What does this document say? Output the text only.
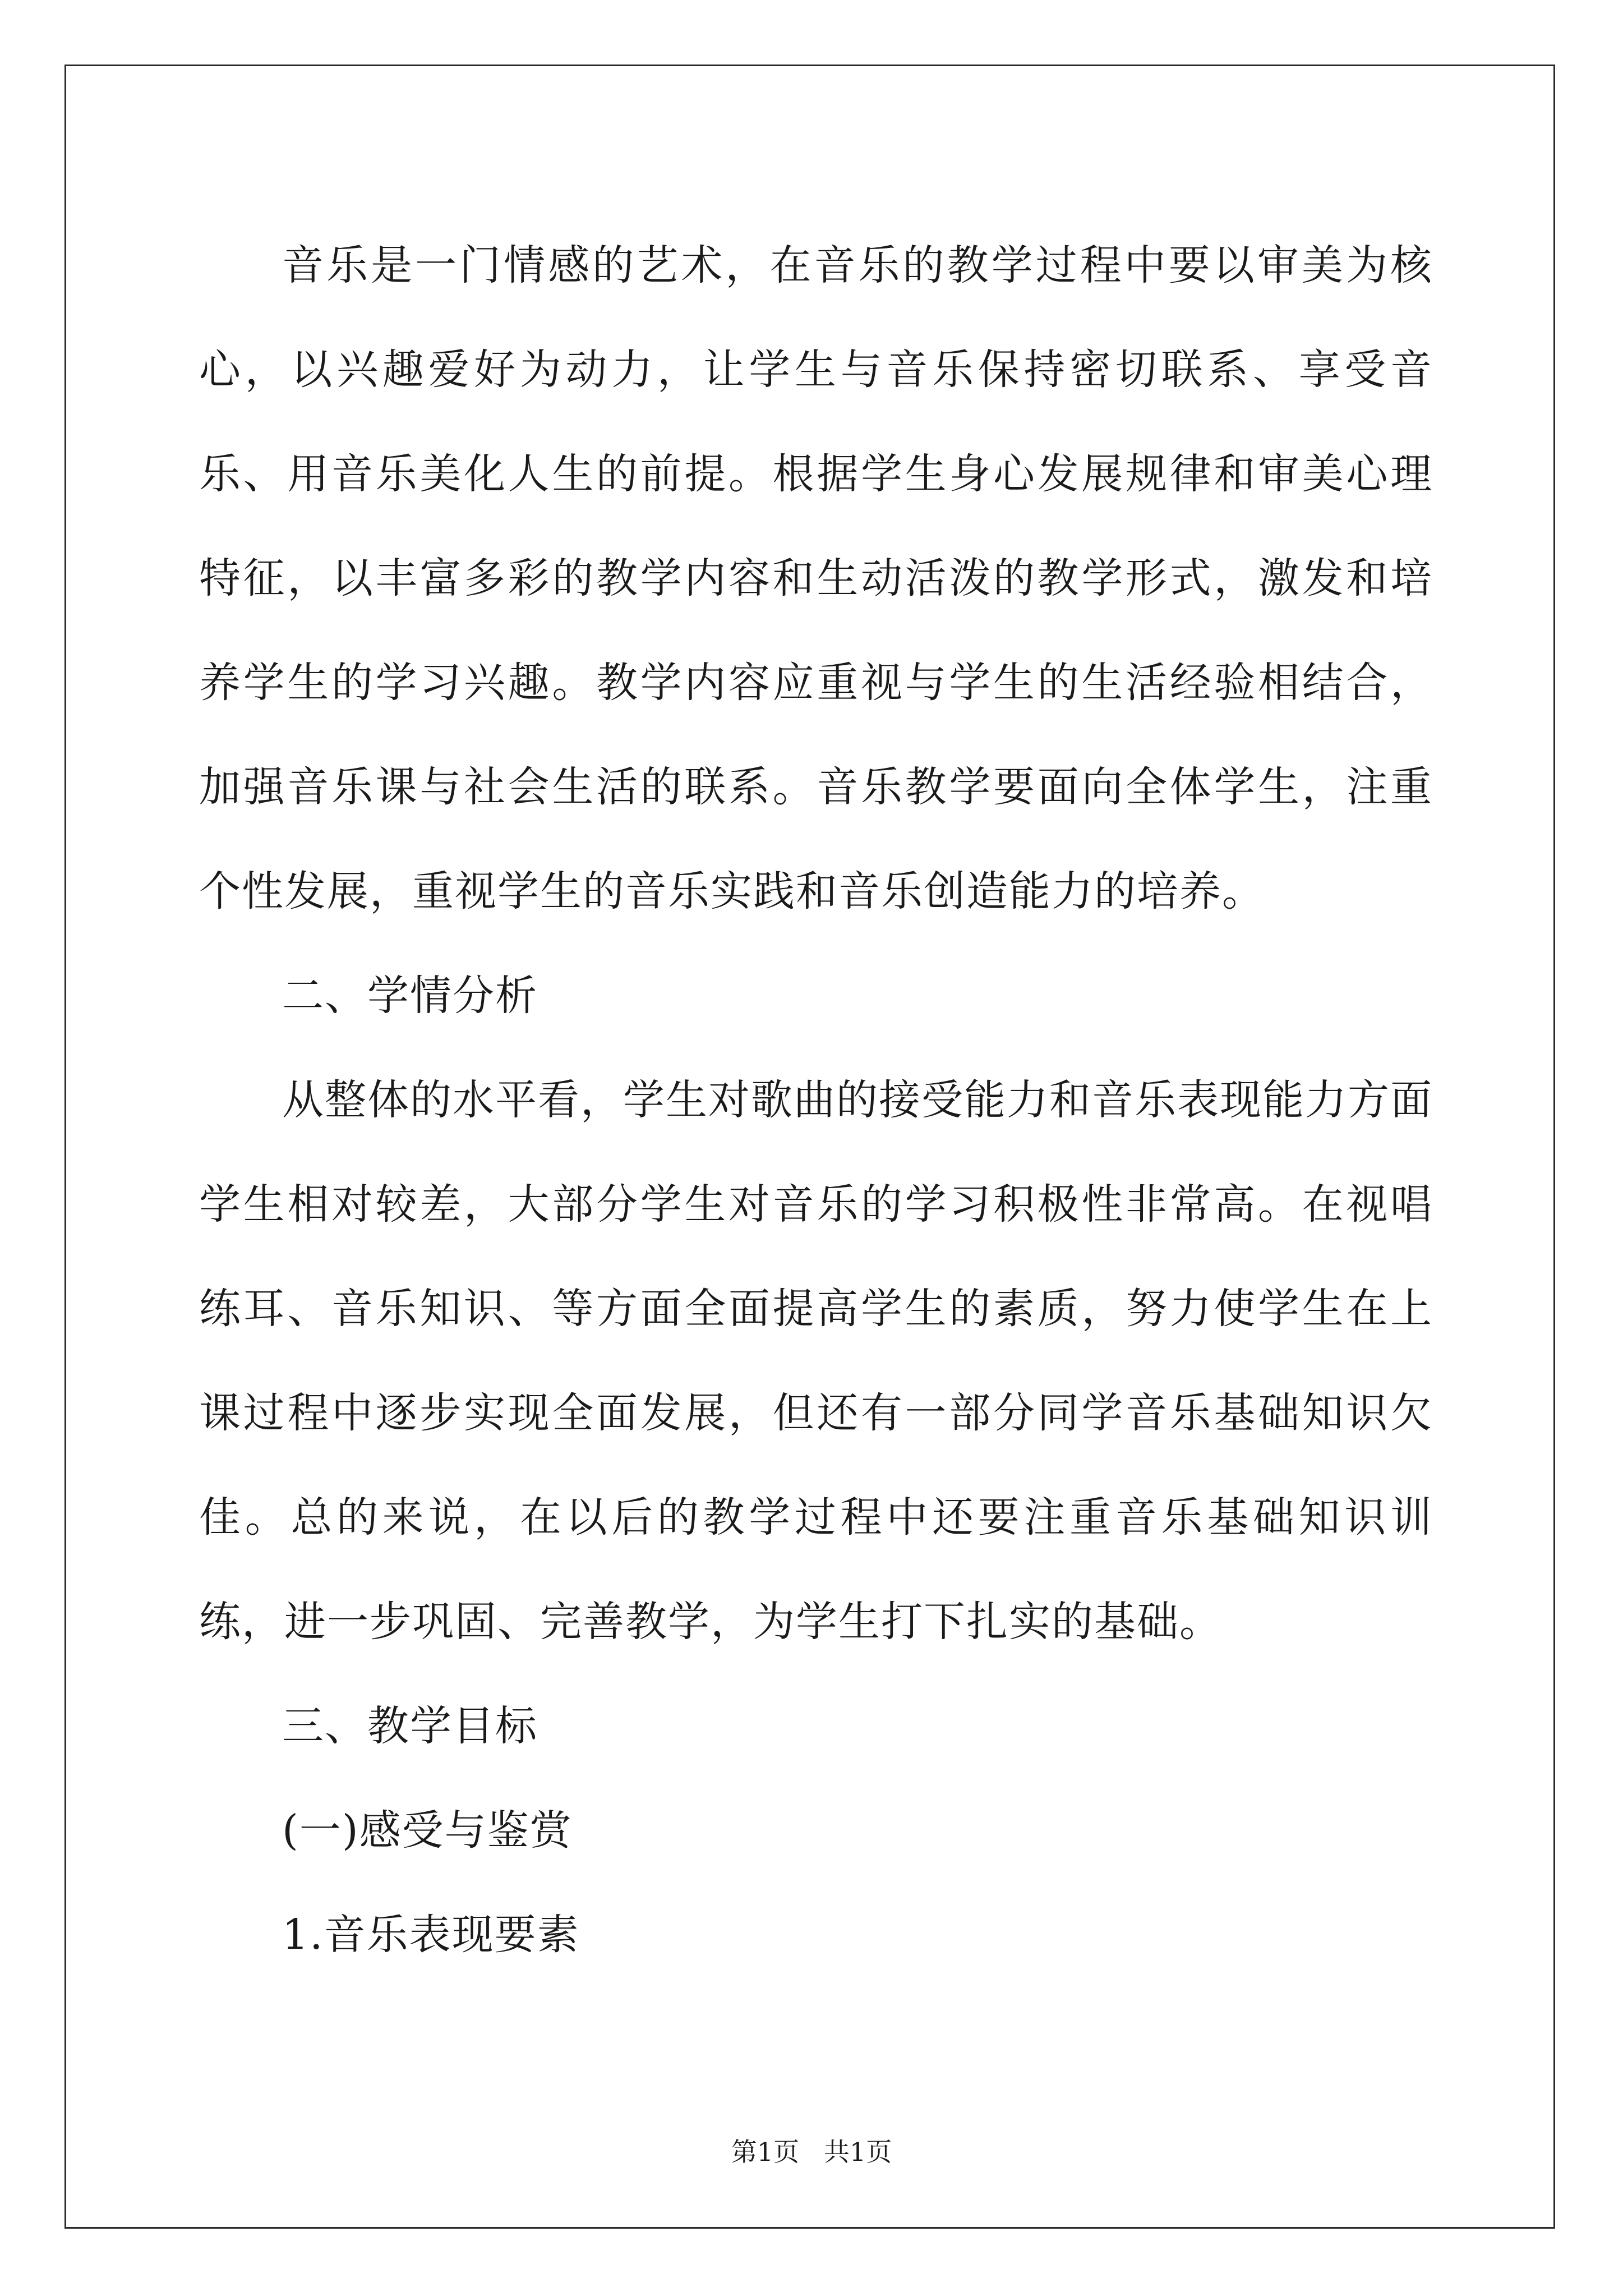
音乐是一门情感的艺术，在音乐的教学过程中要以审美为核心，以兴趣爱好为动力，让学生与音乐保持密切联系、享受音乐、用音乐美化人生的前提。根据学生身心发展规律和审美心理特征，以丰富多彩的教学内容和生动活泼的教学形式，激发和培养学生的学习兴趣。教学内容应重视与学生的生活经验相结合，加强音乐课与社会生活的联系。音乐教学要面向全体学生，注重个性发展，重视学生的音乐实践和音乐创造能力的培养。

二、学情分析

从整体的水平看，学生对歌曲的接受能力和音乐表现能力方面学生相对较差，大部分学生对音乐的学习积极性非常高。在视唱练耳、音乐知识、等方面全面提高学生的素质，努力使学生在上课过程中逐步实现全面发展，但还有一部分同学音乐基础知识欠佳。总的来说，在以后的教学过程中还要注重音乐基础知识训练，进一步巩固、完善教学，为学生打下扎实的基础。

三、教学目标

(一)感受与鉴赏

1.音乐表现要素

第1页   共1页
